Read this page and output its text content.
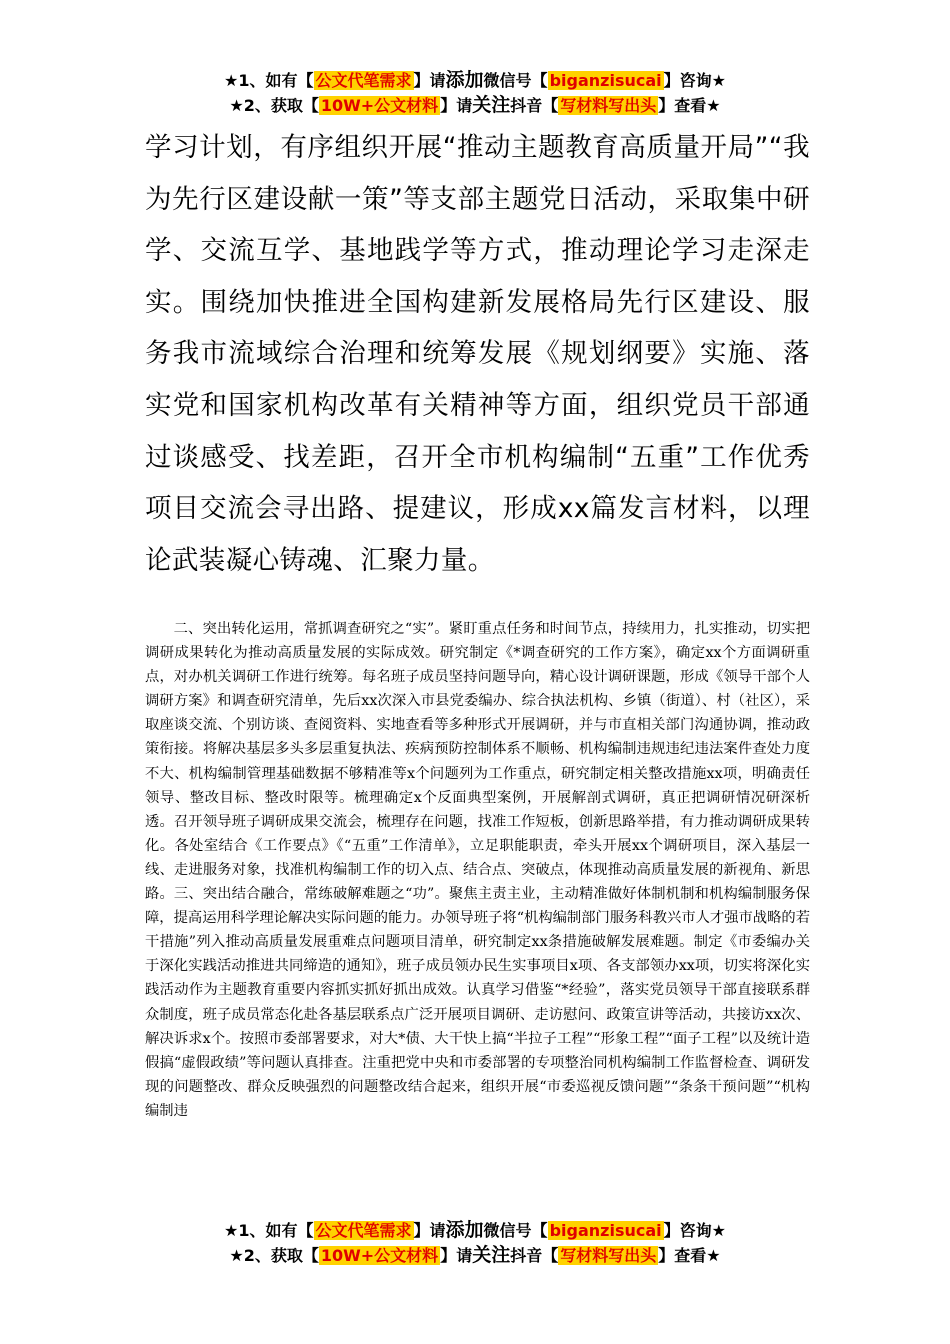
★1、如有【 公文代笔需求 】请添加微信号【 biganzisucai 】咨询★
★2、获取【 10W+公文材料 】请关注抖音【 写材料写出头 】查看★
学习计划，有序组织开展“推动主题教育高质量开局”“我为先行区建设献一策”等支部主题党日活动，采取集中研学、交流互学、基地践学等方式，推动理论学习走深走实。围绕加快推进全国构建新发展格局先行区建设、服务我市流域综合治理和统筹发展《规划纲要》实施、落实党和国家机构改革有关精神等方面，组织党员干部通过谈感受、找差距，召开全市机构编制“五重”工作优秀项目交流会寻出路、提建议，形成xx篇发言材料，以理论武装凝心铸魂、汇聚力量。
二、突出转化运用，常抓调查研究之“实”。紧盯重点任务和时间节点，持续用力，扎实推动，切实把调研成果转化为推动高质量发展的实际成效。研究制定《*调查研究的工作方案》，确定xx个方面调研重点，对办机关调研工作进行统筹。每名班子成员坚持问题导向，精心设计调研课题，形成《领导干部个人调研方案》和调查研究清单，先后xx次深入市县党委编办、综合执法机构、乡镇（街道）、村（社区），采取座谈交流、个别访谈、查阅资料、实地查看等多种形式开展调研，并与市直相关部门沟通协调，推动政策衔接。将解决基层多头多层重复执法、疾病预防控制体系不顺畅、机构编制违规违纪违法案件查处力度不大、机构编制管理基础数据不够精准等x个问题列为工作重点，研究制定相关整改措施xx项，明确责任领导、整改目标、整改时限等。梳理确定x个反面典型案例，开展解剖式调研，真正把调研情况研深析透。召开领导班子调研成果交流会，梳理存在问题，找准工作短板，创新思路举措，有力推动调研成果转化。各处室结合《工作要点》《“五重”工作清单》，立足职能职责，牵头开展xx个调研项目，深入基层一线、走进服务对象，找准机构编制工作的切入点、结合点、突破点，体现推动高质量发展的新视角、新思路。三、突出结合融合，常练破解难题之“功”。聚焦主责主业，主动精准做好体制机制和机构编制服务保障，提高运用科学理论解决实际问题的能力。办领导班子将“机构编制部门服务科教兴市人才强市战略的若干措施”列入推动高质量发展重难点问题项目清单，研究制定xx条措施破解发展难题。制定《市委编办关于深化实践活动推进共同缔造的通知》，班子成员领办民生实事项目x项、各支部领办xx项，切实将深化实践活动作为主题教育重要内容抓实抓好抓出成效。认真学习借鉴“*经验”，落实党员领导干部直接联系群众制度，班子成员常态化赴各基层联系点广泛开展项目调研、走访慰问、政策宣讲等活动，共接访xx次、解决诉求x个。按照市委部署要求，对大*债、大干快上搞“半拉子工程”“形象工程”“面子工程”以及统计造假搞“虚假政绩”等问题认真排查。注重把党中央和市委部署的专项整治同机构编制工作监督检查、调研发现的问题整改、群众反映强烈的问题整改结合起来，组织开展“市委巡视反馈问题”“条条干预问题”“机构编制违
★1、如有【 公文代笔需求 】请添加微信号【 biganzisucai 】咨询★
★2、获取【 10W+公文材料 】请关注抖音【 写材料写出头 】查看★
